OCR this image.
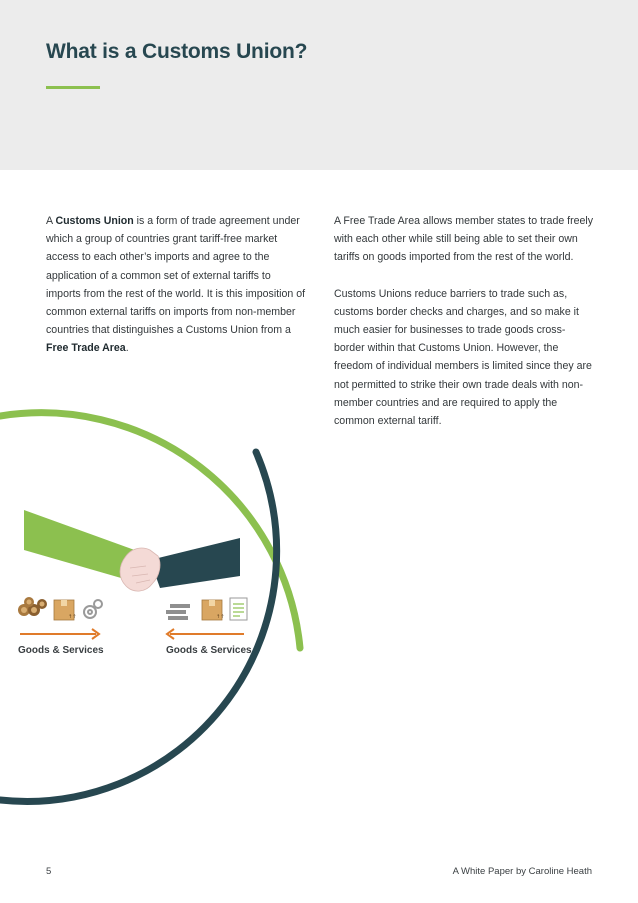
What is a Customs Union?

A Customs Union is a form of trade agreement under which a group of countries grant tariff-free market access to each other’s imports and agree to the application of a common set of external tariffs to imports from the rest of the world. It is this imposition of common external tariffs on imports from non-member countries that distinguishes a Customs Union from a Free Trade Area.

A Free Trade Area allows member states to trade freely with each other while still being able to set their own tariffs on goods imported from the rest of the world.

Customs Unions reduce barriers to trade such as, customs border checks and charges, and so make it much easier for businesses to trade goods cross-border within that Customs Union. However, the freedom of individual members is limited since they are not permitted to strike their own trade deals with non-member countries and are required to apply the common external tariff.

↑↑	↑↑
Goods & Services	Goods & Services
5	A White Paper by Caroline Heath
